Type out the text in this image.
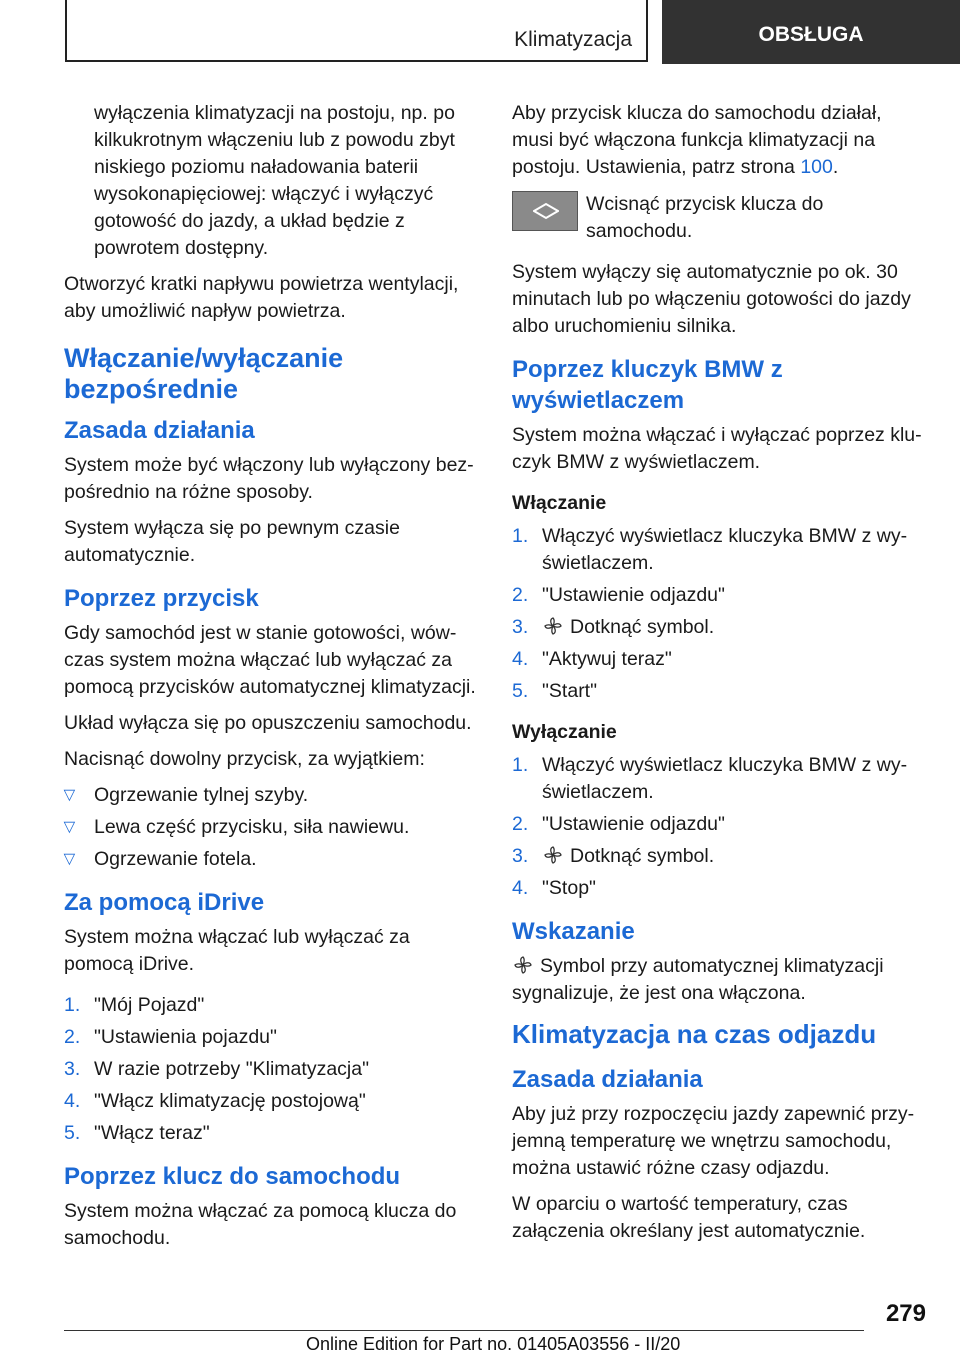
Klimatyzacja	OBSŁUGA

wyłączenia klimatyzacji na postoju, np. po kilkukrotnym włączeniu lub z powodu zbyt niskiego poziomu naładowania baterii wysokonapięciowej: włączyć i wyłączyć gotowość do jazdy, a układ będzie z powrotem dostępny.

Otworzyć kratki napływu powietrza wentylacji, aby umożliwić napływ powietrza.

Włączanie/wyłączanie bezpośrednie
Zasada działania

System może być włączony lub wyłączony bezpośrednio na różne sposoby.

System wyłącza się po pewnym czasie automatycznie.

Poprzez przycisk

Gdy samochód jest w stanie gotowości, wówczas system można włączać lub wyłączać za pomocą przycisków automatycznej klimatyzacji.

Układ wyłącza się po opuszczeniu samochodu.

Nacisnąć dowolny przycisk, za wyjątkiem:

▷ Ogrzewanie tylnej szyby.
▷ Lewa część przycisku, siła nawiewu.
▷ Ogrzewanie fotela.
Za pomocą iDrive

System można włączać lub wyłączać za pomocą iDrive.

1. "Mój Pojazd"
2. "Ustawienia pojazdu"
3. W razie potrzeby "Klimatyzacja"
4. "Włącz klimatyzację postojową"
5. "Włącz teraz"
Poprzez klucz do samochodu

System można włączać za pomocą klucza do samochodu.

Aby przycisk klucza do samochodu działał, musi być włączona funkcja klimatyzacji na postoju. Ustawienia, patrz strona 100.

Wcisnąć przycisk klucza do samochodu.

System wyłączy się automatycznie po ok. 30 minutach lub po włączeniu gotowości do jazdy albo uruchomieniu silnika.

Poprzez kluczyk BMW z wyświetlaczem

System można włączać i wyłączać poprzez kluczyk BMW z wyświetlaczem.

Włączanie
1. Włączyć wyświetlacz kluczyka BMW z wyświetlaczem.
2. "Ustawienie odjazdu"
3. Dotknąć symbol.
4. "Aktywuj teraz"
5. "Start"
Wyłączanie
1. Włączyć wyświetlacz kluczyka BMW z wyświetlaczem.
2. "Ustawienie odjazdu"
3. Dotknąć symbol.
4. "Stop"
Wskazanie

Symbol przy automatycznej klimatyzacji sygnalizuje, że jest ona włączona.

Klimatyzacja na czas odjazdu
Zasada działania

Aby już przy rozpoczęciu jazdy zapewnić przyjemną temperaturę we wnętrzu samochodu, można ustawić różne czasy odjazdu.

W oparciu o wartość temperatury, czas załączenia określany jest automatycznie.

279
Online Edition for Part no. 01405A03556 - II/20
